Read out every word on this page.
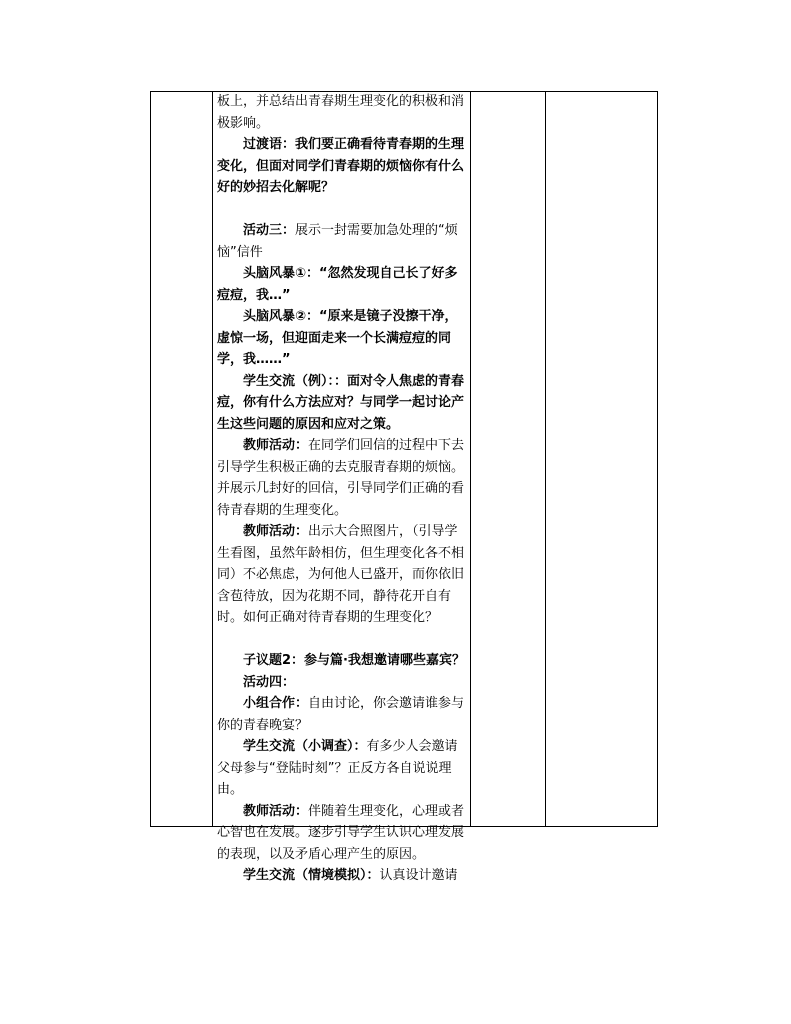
板上，并总结出青春期生理变化的积极和消极影响。

过渡语：我们要正确看待青春期的生理变化，但面对同学们青春期的烦恼你有什么好的妙招去化解呢？

活动三：展示一封需要加急处理的“烦恼”信件

头脑风暴①：“忽然发现自己长了好多痘痘，我…”

头脑风暴②：“原来是镜子没擦干净，虚惊一场，但迎面走来一个长满痘痘的同学，我……”

学生交流（例）：：面对令人焦虑的青春痘，你有什么方法应对？与同学一起讨论产生这些问题的原因和应对之策。

教师活动：在同学们回信的过程中下去引导学生积极正确的去克服青春期的烦恼。并展示几封好的回信，引导同学们正确的看待青春期的生理变化。

教师活动：出示大合照图片，（引导学生看图，虽然年龄相仿，但生理变化各不相同）不必焦虑，为何他人已盛开，而你依旧含苞待放，因为花期不同，静待花开自有时。如何正确对待青春期的生理变化？

子议题2：参与篇·我想邀请哪些嘉宾？

活动四：

小组合作：自由讨论，你会邀请谁参与你的青春晚宴？

学生交流（小调查）：有多少人会邀请父母参与“登陆时刻”？正反方各自说说理由。

教师活动：伴随着生理变化，心理或者心智也在发展。逐步引导学生认识心理发展的表现，以及矛盾心理产生的原因。

学生交流（情境模拟）：认真设计邀请
